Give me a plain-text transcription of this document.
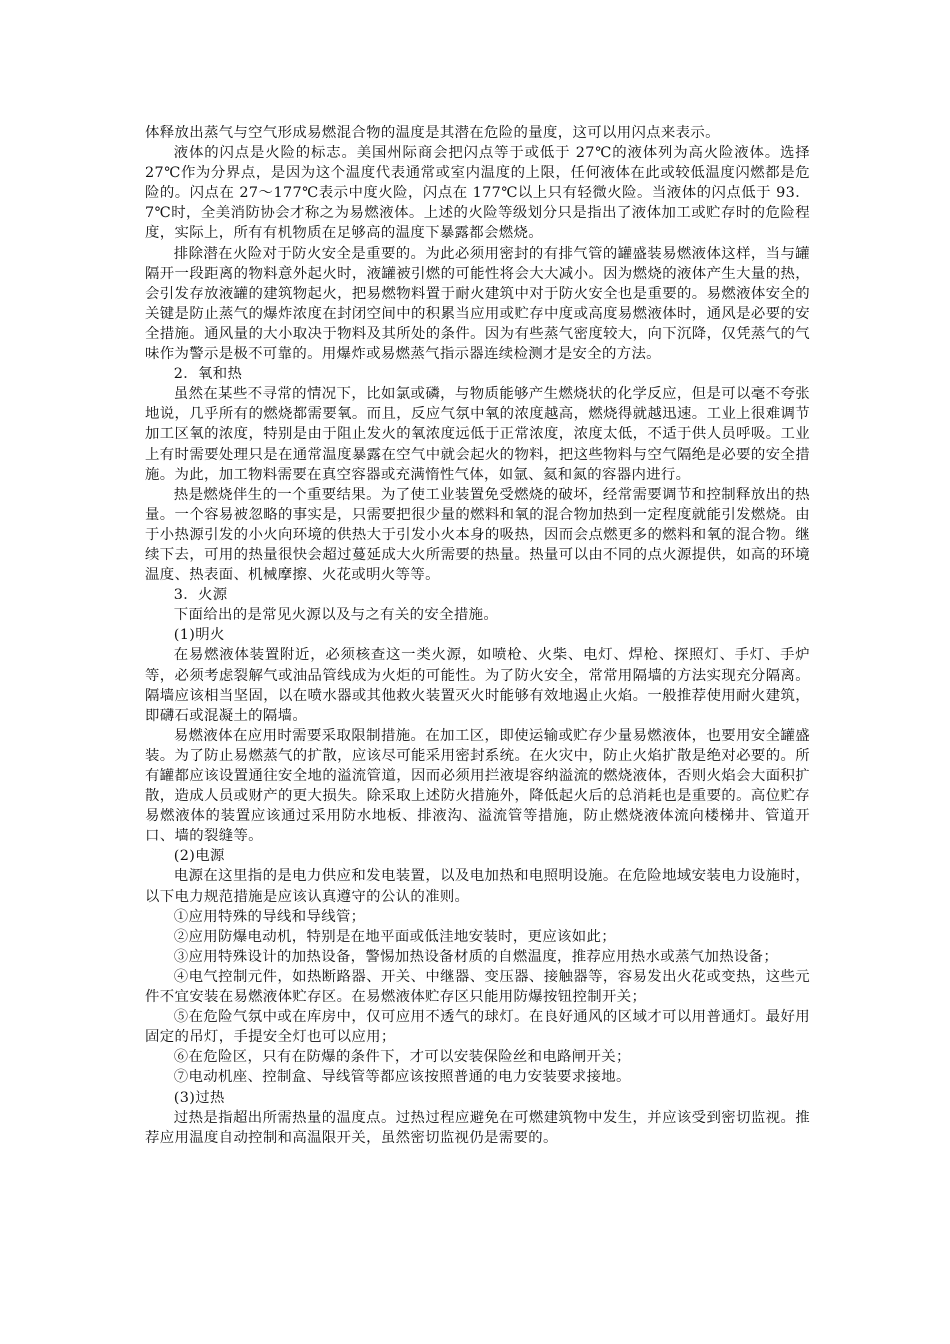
体释放出蒸气与空气形成易燃混合物的温度是其潜在危险的量度，这可以用闪点来表示。

液体的闪点是火险的标志。美国州际商会把闪点等于或低于 27℃的液体列为高火险液体。选择 27℃作为分界点，是因为这个温度代表通常或室内温度的上限，任何液体在此或较低温度闪燃都是危险的。闪点在 27～177℃表示中度火险，闪点在 177℃以上只有轻微火险。当液体的闪点低于 93．7℃时，全美消防协会才称之为易燃液体。上述的火险等级划分只是指出了液体加工或贮存时的危险程度，实际上，所有有机物质在足够高的温度下暴露都会燃烧。

排除潜在火险对于防火安全是重要的。为此必须用密封的有排气管的罐盛装易燃液体这样，当与罐隔开一段距离的物料意外起火时，液罐被引燃的可能性将会大大减小。因为燃烧的液体产生大量的热，会引发存放液罐的建筑物起火，把易燃物料置于耐火建筑中对于防火安全也是重要的。易燃液体安全的关键是防止蒸气的爆炸浓度在封闭空间中的积累当应用或贮存中度或高度易燃液体时，通风是必要的安全措施。通风量的大小取决于物料及其所处的条件。因为有些蒸气密度较大，向下沉降，仅凭蒸气的气味作为警示是极不可靠的。用爆炸或易燃蒸气指示器连续检测才是安全的方法。

2．氧和热

虽然在某些不寻常的情况下，比如氯或磷，与物质能够产生燃烧状的化学反应，但是可以毫不夸张地说，几乎所有的燃烧都需要氧。而且，反应气氛中氧的浓度越高，燃烧得就越迅速。工业上很难调节加工区氧的浓度，特别是由于阻止发火的氧浓度远低于正常浓度，浓度太低，不适于供人员呼吸。工业上有时需要处理只是在通常温度暴露在空气中就会起火的物料，把这些物料与空气隔绝是必要的安全措施。为此，加工物料需要在真空容器或充满惰性气体，如氩、氦和氮的容器内进行。

热是燃烧伴生的一个重要结果。为了使工业装置免受燃烧的破坏，经常需要调节和控制释放出的热量。一个容易被忽略的事实是，只需要把很少量的燃料和氧的混合物加热到一定程度就能引发燃烧。由于小热源引发的小火向环境的供热大于引发小火本身的吸热，因而会点燃更多的燃料和氧的混合物。继续下去，可用的热量很快会超过蔓延成大火所需要的热量。热量可以由不同的点火源提供，如高的环境温度、热表面、机械摩擦、火花或明火等等。

3．火源

下面给出的是常见火源以及与之有关的安全措施。

(1)明火

在易燃液体装置附近，必须核查这一类火源，如喷枪、火柴、电灯、焊枪、探照灯、手灯、手炉等，必须考虑裂解气或油品管线成为火炬的可能性。为了防火安全，常常用隔墙的方法实现充分隔离。隔墙应该相当坚固，以在喷水器或其他救火装置灭火时能够有效地遏止火焰。一般推荐使用耐火建筑，即礴石或混凝土的隔墙。

易燃液体在应用时需要采取限制措施。在加工区，即使运输或贮存少量易燃液体，也要用安全罐盛装。为了防止易燃蒸气的扩散，应该尽可能采用密封系统。在火灾中，防止火焰扩散是绝对必要的。所有罐都应该设置通往安全地的溢流管道，因而必须用拦液堤容纳溢流的燃烧液体，否则火焰会大面积扩散，造成人员或财产的更大损失。除采取上述防火措施外，降低起火后的总消耗也是重要的。高位贮存易燃液体的装置应该通过采用防水地板、排液沟、溢流管等措施，防止燃烧液体流向楼梯井、管道开口、墙的裂缝等。

(2)电源

电源在这里指的是电力供应和发电装置，以及电加热和电照明设施。在危险地域安装电力设施时，以下电力规范措施是应该认真遵守的公认的准则。

①应用特殊的导线和导线管；

②应用防爆电动机，特别是在地平面或低洼地安装时，更应该如此；

③应用特殊设计的加热设备，警惕加热设备材质的自燃温度，推荐应用热水或蒸气加热设备；

④电气控制元件，如热断路器、开关、中继器、变压器、接触器等，容易发出火花或变热，这些元件不宜安装在易燃液体贮存区。在易燃液体贮存区只能用防爆按钮控制开关；

⑤在危险气氛中或在库房中，仅可应用不透气的球灯。在良好通风的区域才可以用普通灯。最好用固定的吊灯，手提安全灯也可以应用；

⑥在危险区，只有在防爆的条件下，才可以安装保险丝和电路闸开关；

⑦电动机座、控制盒、导线管等都应该按照普通的电力安装要求接地。

(3)过热

过热是指超出所需热量的温度点。过热过程应避免在可燃建筑物中发生，并应该受到密切监视。推荐应用温度自动控制和高温限开关，虽然密切监视仍是需要的。
